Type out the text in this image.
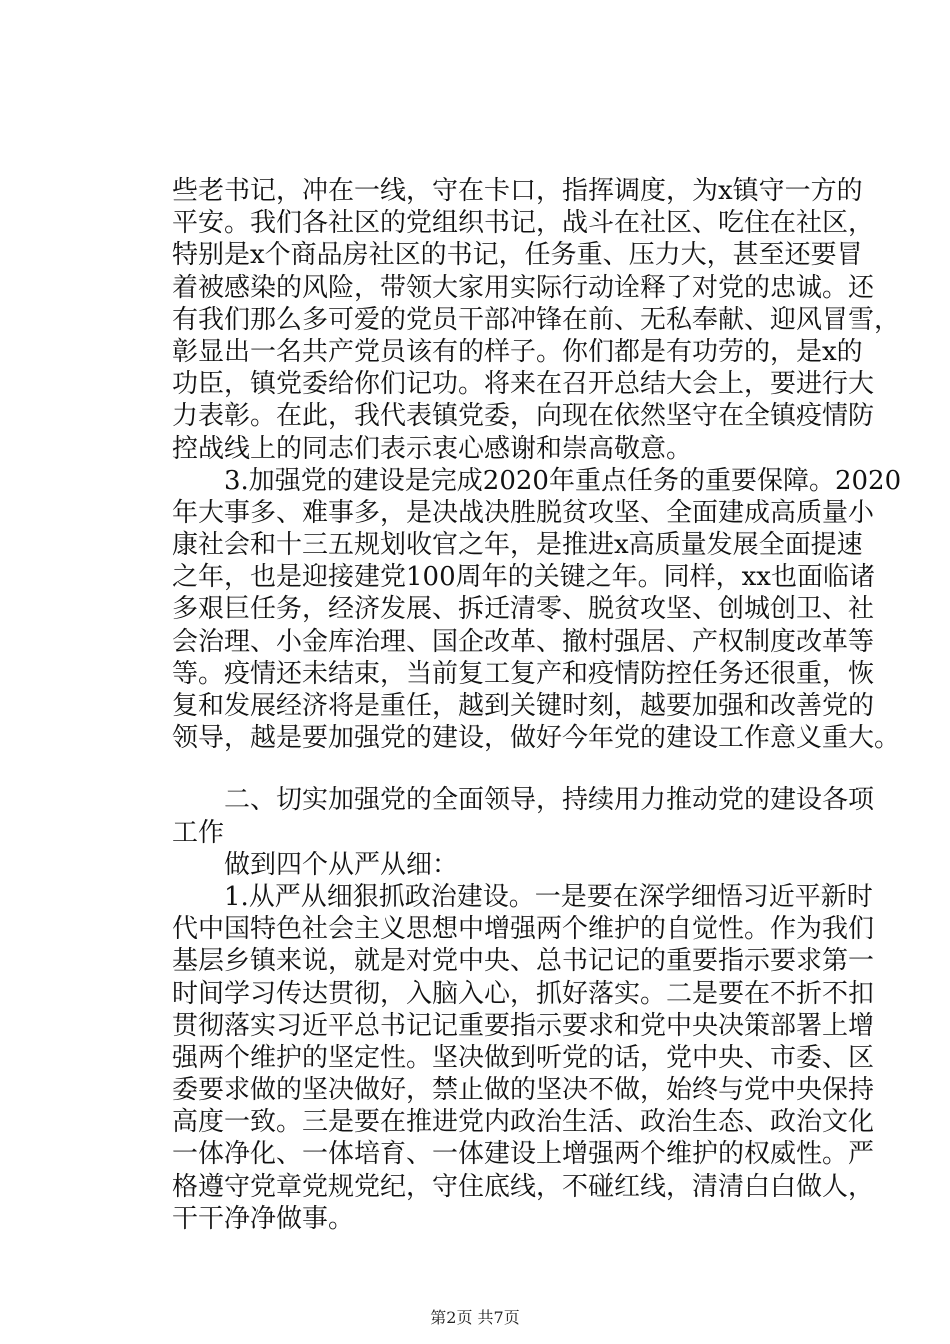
些老书记，冲在一线，守在卡口，指挥调度，为x镇守一方的
平安。我们各社区的党组织书记，战斗在社区、吃住在社区，
特别是x个商品房社区的书记，任务重、压力大，甚至还要冒
着被感染的风险，带领大家用实际行动诠释了对党的忠诚。还
有我们那么多可爱的党员干部冲锋在前、无私奉献、迎风冒雪，
彰显出一名共产党员该有的样子。你们都是有功劳的，是x的
功臣，镇党委给你们记功。将来在召开总结大会上，要进行大
力表彰。在此，我代表镇党委，向现在依然坚守在全镇疫情防
控战线上的同志们表示衷心感谢和崇高敬意。
　　3.加强党的建设是完成2020年重点任务的重要保障。2020
年大事多、难事多，是决战决胜脱贫攻坚、全面建成高质量小
康社会和十三五规划收官之年，是推进x高质量发展全面提速
之年，也是迎接建党100周年的关键之年。同样，xx也面临诸
多艰巨任务，经济发展、拆迁清零、脱贫攻坚、创城创卫、社
会治理、小金库治理、国企改革、撤村强居、产权制度改革等
等。疫情还未结束，当前复工复产和疫情防控任务还很重，恢
复和发展经济将是重任，越到关键时刻，越要加强和改善党的
领导，越是要加强党的建设，做好今年党的建设工作意义重大。
　　二、切实加强党的全面领导，持续用力推动党的建设各项
工作
　　做到四个从严从细：
　　1.从严从细狠抓政治建设。一是要在深学细悟习近平新时
代中国特色社会主义思想中增强两个维护的自觉性。作为我们
基层乡镇来说，就是对党中央、总书记记的重要指示要求第一
时间学习传达贯彻，入脑入心，抓好落实。二是要在不折不扣
贯彻落实习近平总书记记重要指示要求和党中央决策部署上增
强两个维护的坚定性。坚决做到听党的话，党中央、市委、区
委要求做的坚决做好，禁止做的坚决不做，始终与党中央保持
高度一致。三是要在推进党内政治生活、政治生态、政治文化
一体净化、一体培育、一体建设上增强两个维护的权威性。严
格遵守党章党规党纪，守住底线，不碰红线，清清白白做人，
干干净净做事。
第2页 共7页
